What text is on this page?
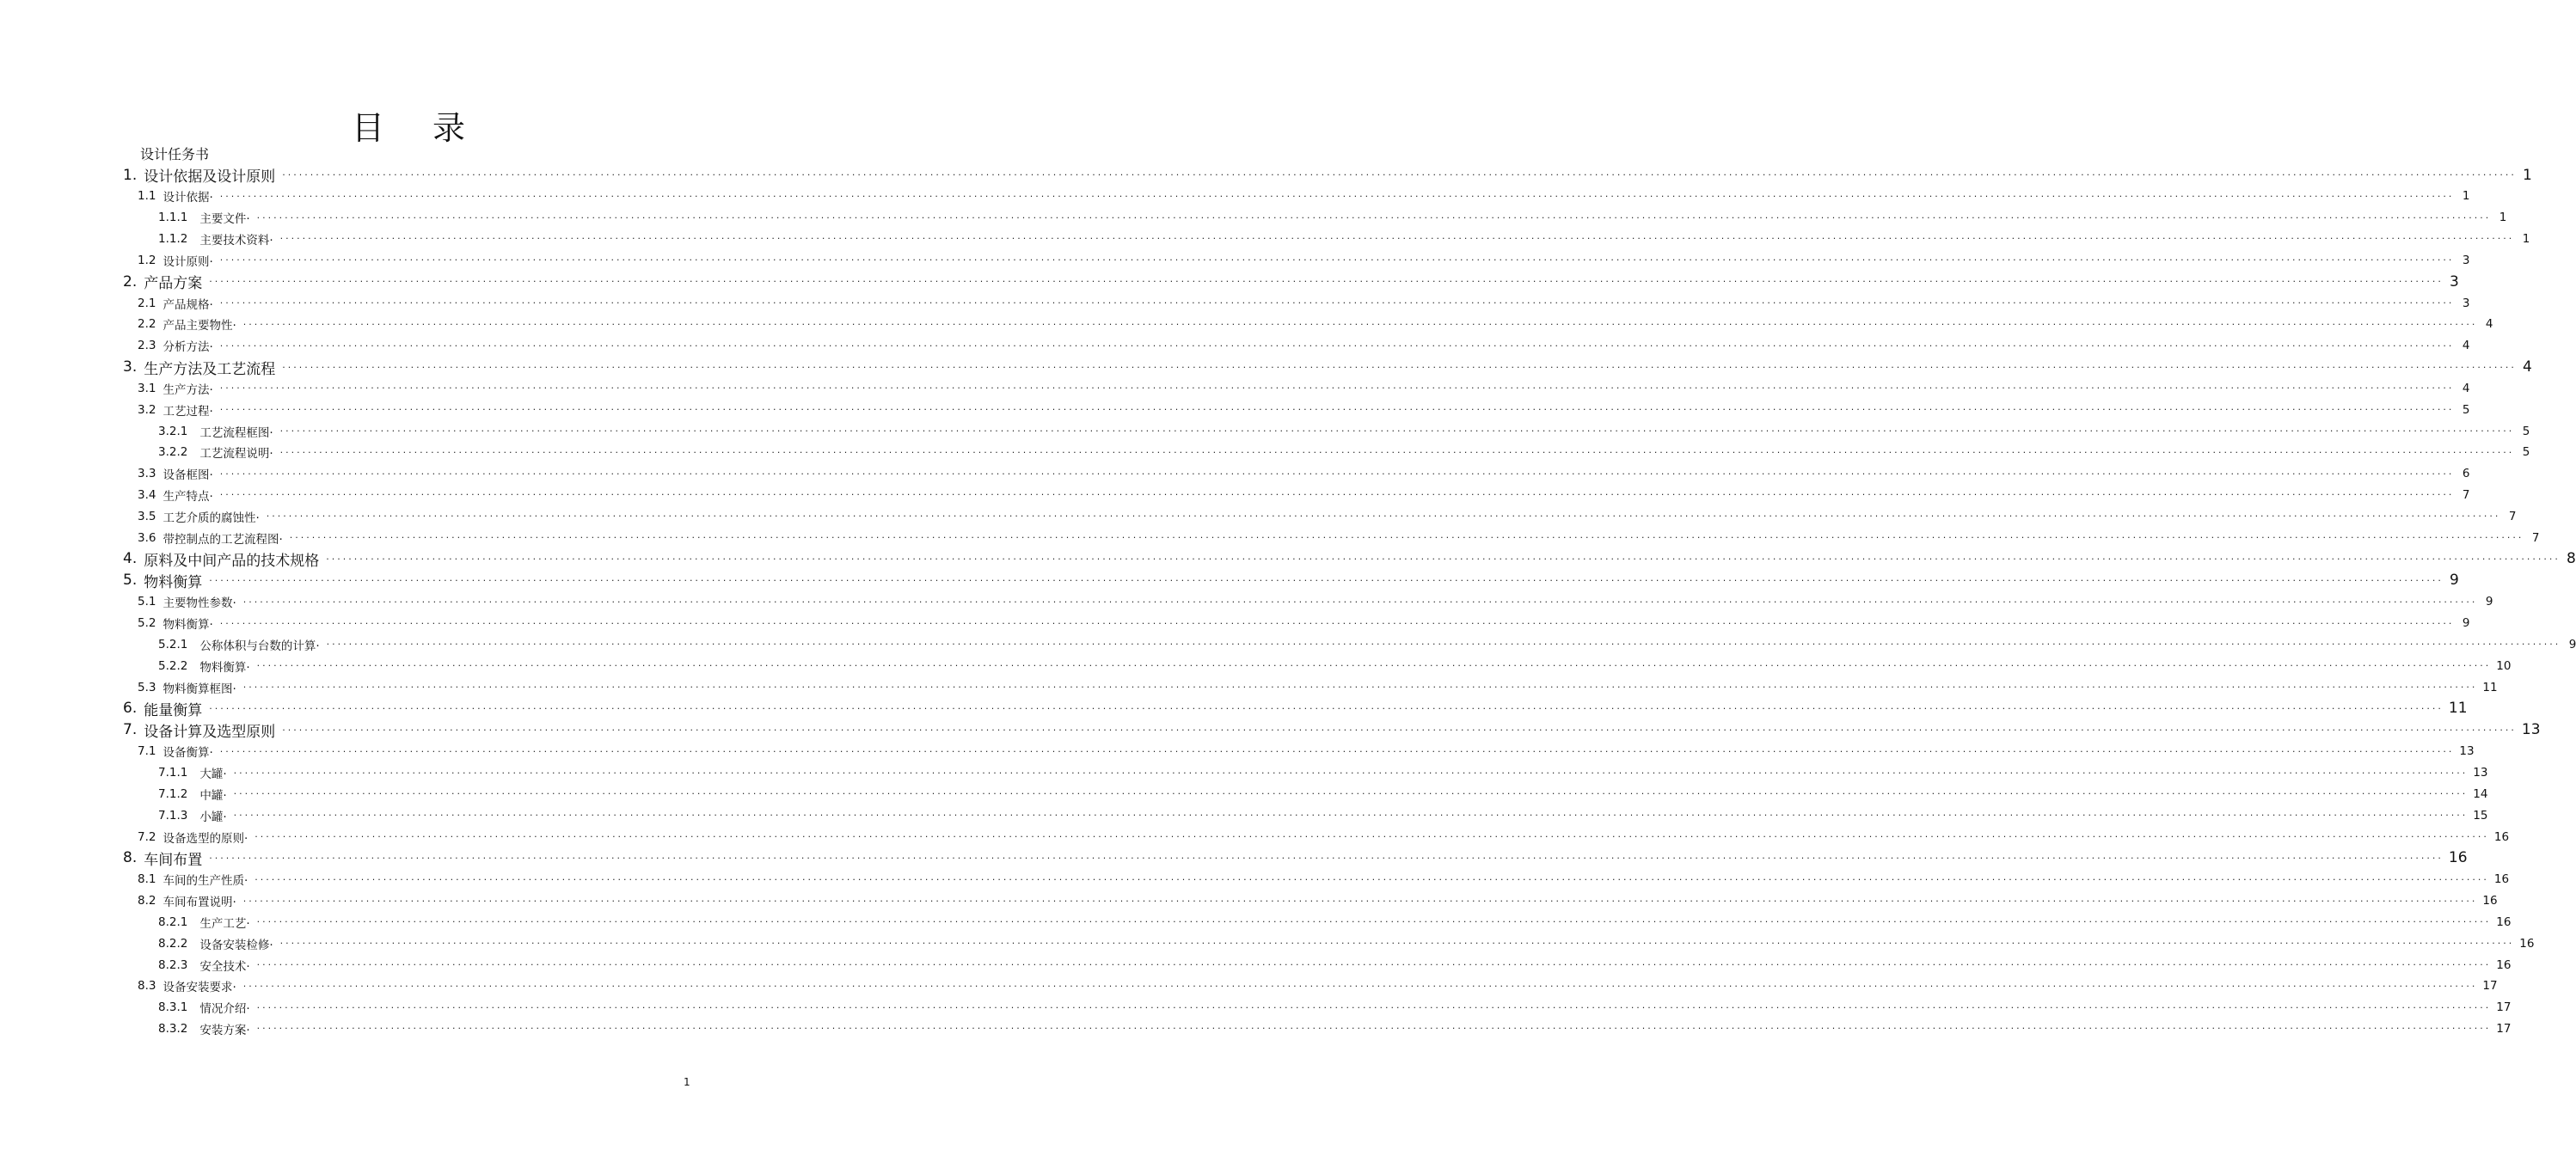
目 录
设计任务书
1. 设计依据及设计原则 ················································································································································································································································································································································································································ 1
1.1 设计依据· ················································································································································································································································································································································································································ 1
1.1.1 主要文件· ················································································································································································································································································································································································································ 1
1.1.2 主要技术资料· ················································································································································································································································································································································································································ 1
1.2 设计原则· ················································································································································································································································································································································································································ 3
2. 产品方案 ················································································································································································································································································································································································································ 3
2.1 产品规格· ················································································································································································································································································································································································································ 3
2.2 产品主要物性· ················································································································································································································································································································································································································ 4
2.3 分析方法· ················································································································································································································································································································································································································ 4
3. 生产方法及工艺流程 ················································································································································································································································································································································································································ 4
3.1 生产方法· ················································································································································································································································································································································································································ 4
3.2 工艺过程· ················································································································································································································································································································································································································ 5
3.2.1 工艺流程框图· ················································································································································································································································································································································································································ 5
3.2.2 工艺流程说明· ················································································································································································································································································································································································································ 5
3.3 设备框图· ················································································································································································································································································································································································································ 6
3.4 生产特点· ················································································································································································································································································································································································································ 7
3.5 工艺介质的腐蚀性· ················································································································································································································································································································································································································ 7
3.6 带控制点的工艺流程图· ················································································································································································································································································································································································································ 7
4. 原料及中间产品的技术规格 ················································································································································································································································································································································································································ 8
5. 物料衡算 ················································································································································································································································································································································································································ 9
5.1 主要物性参数· ················································································································································································································································································································································································································ 9
5.2 物料衡算· ················································································································································································································································································································································································································ 9
5.2.1 公称体积与台数的计算· ················································································································································································································································································································································································································ 9
5.2.2 物料衡算· ················································································································································································································································································································································································································ 10
5.3 物料衡算框图· ················································································································································································································································································································································································································ 11
6. 能量衡算 ················································································································································································································································································································································································································ 11
7. 设备计算及选型原则 ················································································································································································································································································································································································································ 13
7.1 设备衡算· ················································································································································································································································································································································································································ 13
7.1.1 大罐· ················································································································································································································································································································································································································ 13
7.1.2 中罐· ················································································································································································································································································································································································································ 14
7.1.3 小罐· ················································································································································································································································································································································································································ 15
7.2 设备选型的原则· ················································································································································································································································································································································································································ 16
8. 车间布置 ················································································································································································································································································································································································································ 16
8.1 车间的生产性质· ················································································································································································································································································································································································································ 16
8.2 车间布置说明· ················································································································································································································································································································································································································ 16
8.2.1 生产工艺· ················································································································································································································································································································································································································ 16
8.2.2 设备安装检修· ················································································································································································································································································································································································································ 16
8.2.3 安全技术· ················································································································································································································································································································································································································ 16
8.3 设备安装要求· ················································································································································································································································································································································································································ 17
8.3.1 情况介绍· ················································································································································································································································································································································································································ 17
8.3.2 安装方案· ················································································································································································································································································································································································································ 17
1
